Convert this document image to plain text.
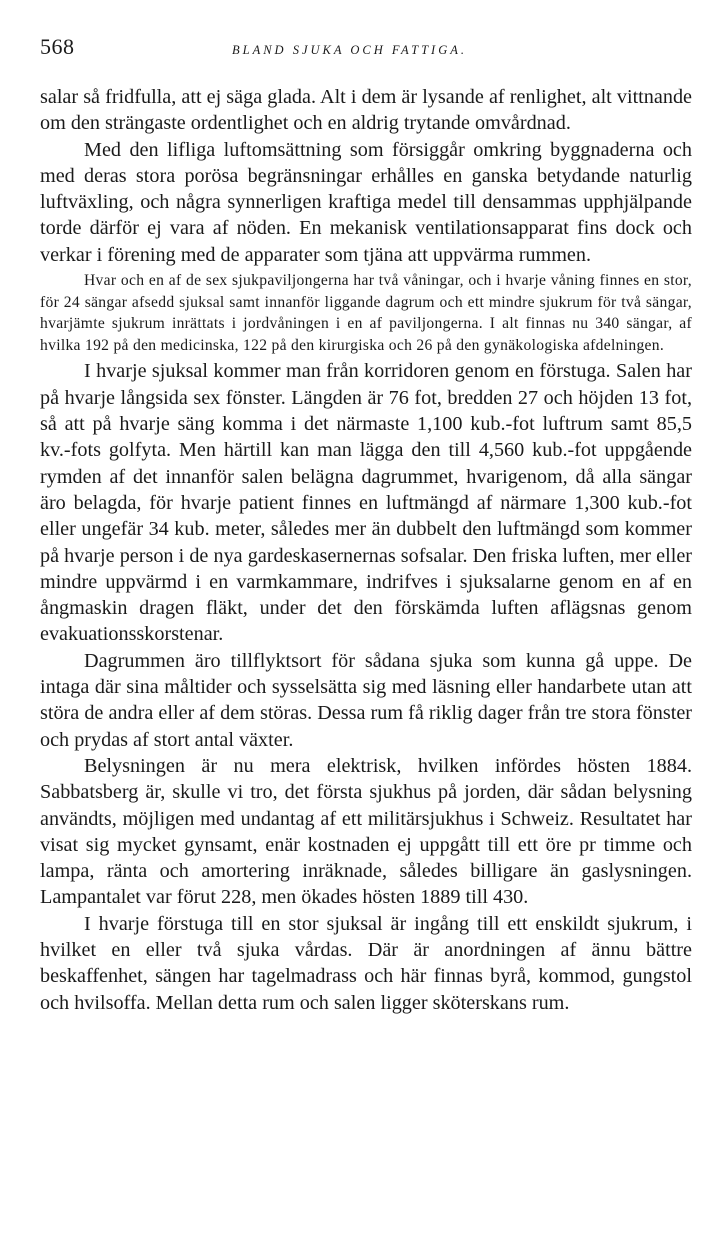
568	BLAND SJUKA OCH FATTIGA.

salar så fridfulla, att ej säga glada. Alt i dem är lysande af renlighet, alt vittnande om den strängaste ordentlighet och en aldrig trytande omvårdnad.

Med den lifliga luftomsättning som försiggår omkring byggnaderna och med deras stora porösa begränsningar erhålles en ganska betydande naturlig luftväxling, och några synnerligen kraftiga medel till densammas upphjälpande torde därför ej vara af nöden. En mekanisk ventilationsapparat fins dock och verkar i förening med de apparater som tjäna att uppvärma rummen.

Hvar och en af de sex sjukpaviljongerna har två våningar, och i hvarje våning finnes en stor, för 24 sängar afsedd sjuksal samt innanför liggande dagrum och ett mindre sjukrum för två sängar, hvarjämte sjukrum inrättats i jordvåningen i en af paviljongerna. I alt finnas nu 340 sängar, af hvilka 192 på den medicinska, 122 på den kirurgiska och 26 på den gynäkologiska afdelningen.

I hvarje sjuksal kommer man från korridoren genom en förstuga. Salen har på hvarje långsida sex fönster. Längden är 76 fot, bredden 27 och höjden 13 fot, så att på hvarje säng komma i det närmaste 1,100 kub.-fot luftrum samt 85,5 kv.-fots golfyta. Men härtill kan man lägga den till 4,560 kub.-fot uppgående rymden af det innanför salen belägna dagrummet, hvarigenom, då alla sängar äro belagda, för hvarje patient finnes en luftmängd af närmare 1,300 kub.-fot eller ungefär 34 kub. meter, således mer än dubbelt den luftmängd som kommer på hvarje person i de nya gardeskasernernas sofsalar. Den friska luften, mer eller mindre uppvärmd i en varmkammare, indrifves i sjuksalarne genom en af en ångmaskin dragen fläkt, under det den förskämda luften aflägsnas genom evakuationsskorstenar.

Dagrummen äro tillflyktsort för sådana sjuka som kunna gå uppe. De intaga där sina måltider och sysselsätta sig med läsning eller handarbete utan att störa de andra eller af dem störas. Dessa rum få riklig dager från tre stora fönster och prydas af stort antal växter.

Belysningen är nu mera elektrisk, hvilken infördes hösten 1884. Sabbatsberg är, skulle vi tro, det första sjukhus på jorden, där sådan belysning användts, möjligen med undantag af ett militärsjukhus i Schweiz. Resultatet har visat sig mycket gynsamt, enär kostnaden ej uppgått till ett öre pr timme och lampa, ränta och amortering inräknade, således billigare än gaslysningen. Lampantalet var förut 228, men ökades hösten 1889 till 430.

I hvarje förstuga till en stor sjuksal är ingång till ett enskildt sjukrum, i hvilket en eller två sjuka vårdas. Där är anordningen af ännu bättre beskaffenhet, sängen har tagelmadrass och här finnas byrå, kommod, gungstol och hvilsoffa. Mellan detta rum och salen ligger sköterskans rum.
